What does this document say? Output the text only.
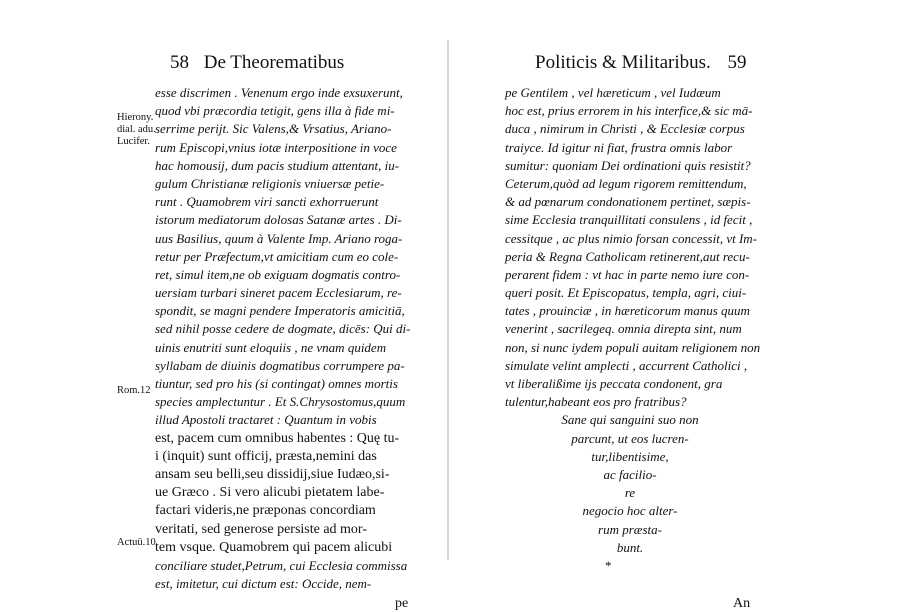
58 De Theorematibus
Hierony.
dial. adu.
Lucifer.
Rom.12
Actuū.10
esse discrimen . Venenum ergo inde exsuxerunt,
quod vbi præcordia tetigit, gens illa à fide mi-
serrime perijt. Sic Valens,& Vrsatius, Ariano-
rum Episcopi,vnius iotæ interpositione in voce
hac homousij, dum pacis studium attentant, iu-
gulum Christianæ religionis vniuersæ petie-
runt . Quamobrem viri sancti exhorruerunt
istorum mediatorum dolosas Satanæ artes . Di-
uus Basilius, quum à Valente Imp. Ariano roga-
retur per Præfectum,vt amicitiam cum eo cole-
ret, simul item,ne ob exiguam dogmatis contro-
uersiam turbari sineret pacem Ecclesiarum, re-
spondit, se magni pendere Imperatoris amicitiā,
sed nihil posse cedere de dogmate, dicēs: Qui di-
uinis enutriti sunt eloquiis , ne vnam quidem
syllabam de diuinis dogmatibus corrumpere pa-
tiuntur, sed pro his (si contingat) omnes mortis
species amplectuntur . Et S.Chrysostomus,quum
illud Apostoli tractaret : Quantum in vobis
est, pacem cum omnibus habentes : Quę tu-
i (inquit) sunt officij, præsta,nemini das
ansam seu belli,seu dissidij,siue Iudæo,si-
ue Græco . Si vero alicubi pietatem labe-
factari videris,ne præponas concordiam
veritati, sed generose persiste ad mor-
tem vsque. Quamobrem qui pacem alicubi
conciliare studet,Petrum, cui Ecclesia commissa
est, imitetur, cui dictum est: Occide, nem-
pe
Politicis & Militaribus. 59
pe Gentilem , vel hæreticum , vel Iudæum
hoc est, prius errorem in his interfice,& sic mā-
duca , nimirum in Christi , & Ecclesiæ corpus
traiyce. Id igitur ni fiat, frustra omnis labor
sumitur: quoniam Dei ordinationi quis resistit?
Ceterum,quòd ad legum rigorem remittendum,
& ad pœnarum condonationem pertinet, sæpis-
sime Ecclesia tranquillitati consulens , id fecit ,
cessitque , ac plus nimio forsan concessit, vt Im-
peria & Regna Catholicam retinerent,aut recu-
perarent fidem : vt hac in parte nemo iure con-
queri posit. Et Episcopatus, templa, agri, ciui-
tates , prouinciæ , in hæreticorum manus quum
venerint , sacrilegeq. omnia direpta sint, num
non, si nunc iydem populi auitam religionem non
simulate velint amplecti , accurrent Catholici ,
vt liberalißime ijs peccata condonent, gra
tulentur,habeant eos pro fratribus?
Sane qui sanguini suo non
parcunt, ut eos lucren-
tur,libentisime,
ac facilio-
re
negocio hoc alter-
rum præsta-
bunt.
*
An
